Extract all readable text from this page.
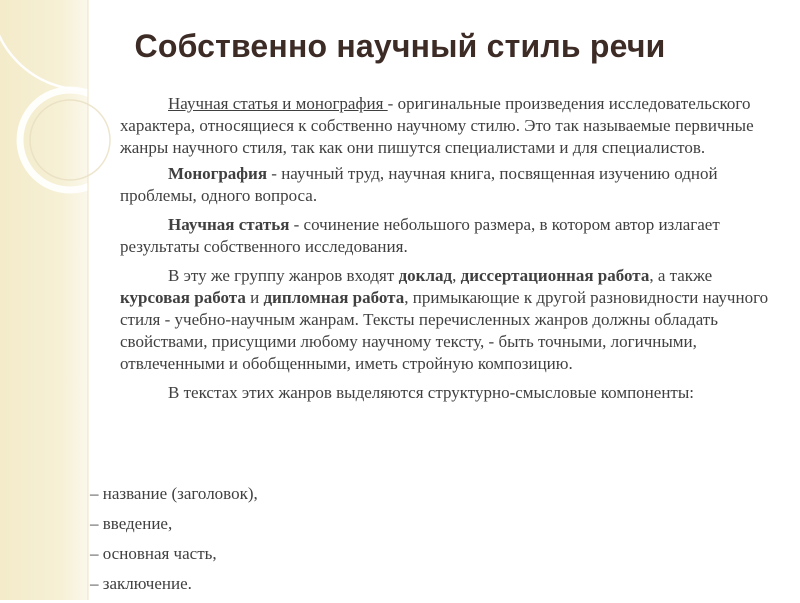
Собственно научный стиль речи

Научная статья и монография - оригинальные произведения исследовательского характера, относящиеся к собственно научному стилю. Это так называемые первичные жанры научного стиля, так как они пишутся специалистами и для специалистов.

Монография - научный труд, научная книга, посвященная изучению одной проблемы, одного вопроса.

Научная статья - сочинение небольшого размера, в котором автор излагает результаты собственного исследования.

В эту же группу жанров входят доклад, диссертационная работа, а также курсовая работа и дипломная работа, примыкающие к другой разновидности научного стиля - учебно-научным жанрам. Тексты перечисленных жанров должны обладать свойствами, присущими любому научному тексту, - быть точными, логичными, отвлеченными и обобщенными, иметь стройную композицию.

В текстах этих жанров выделяются структурно-смысловые компоненты:

– название (заголовок),
– введение,
– основная часть,
– заключение.
